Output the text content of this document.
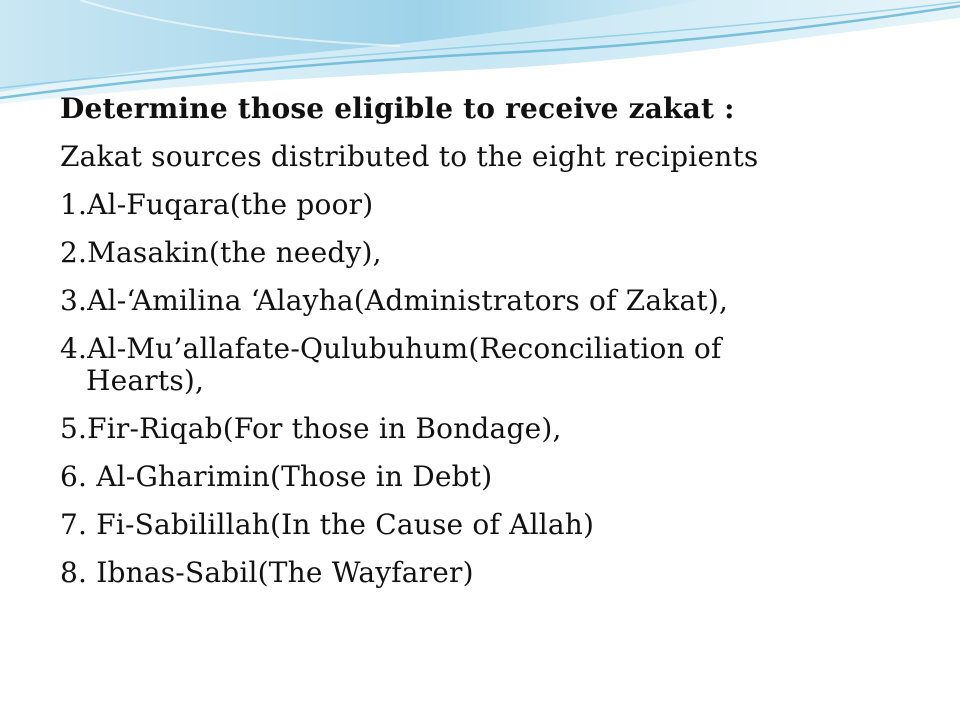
Determine those eligible to receive zakat :
Zakat sources distributed to the eight recipients
1.Al-Fuqara(the poor)
2.Masakin(the needy),
3.Al-‘Amilina ‘Alayha(Administrators of Zakat),
4.Al-Mu’allafate-Qulubuhum(Reconciliation of
Hearts),
5.Fir-Riqab(For those in Bondage),
6. Al-Gharimin(Those in Debt)
7. Fi-Sabilillah(In the Cause of Allah)
8. Ibnas-Sabil(The Wayfarer)
